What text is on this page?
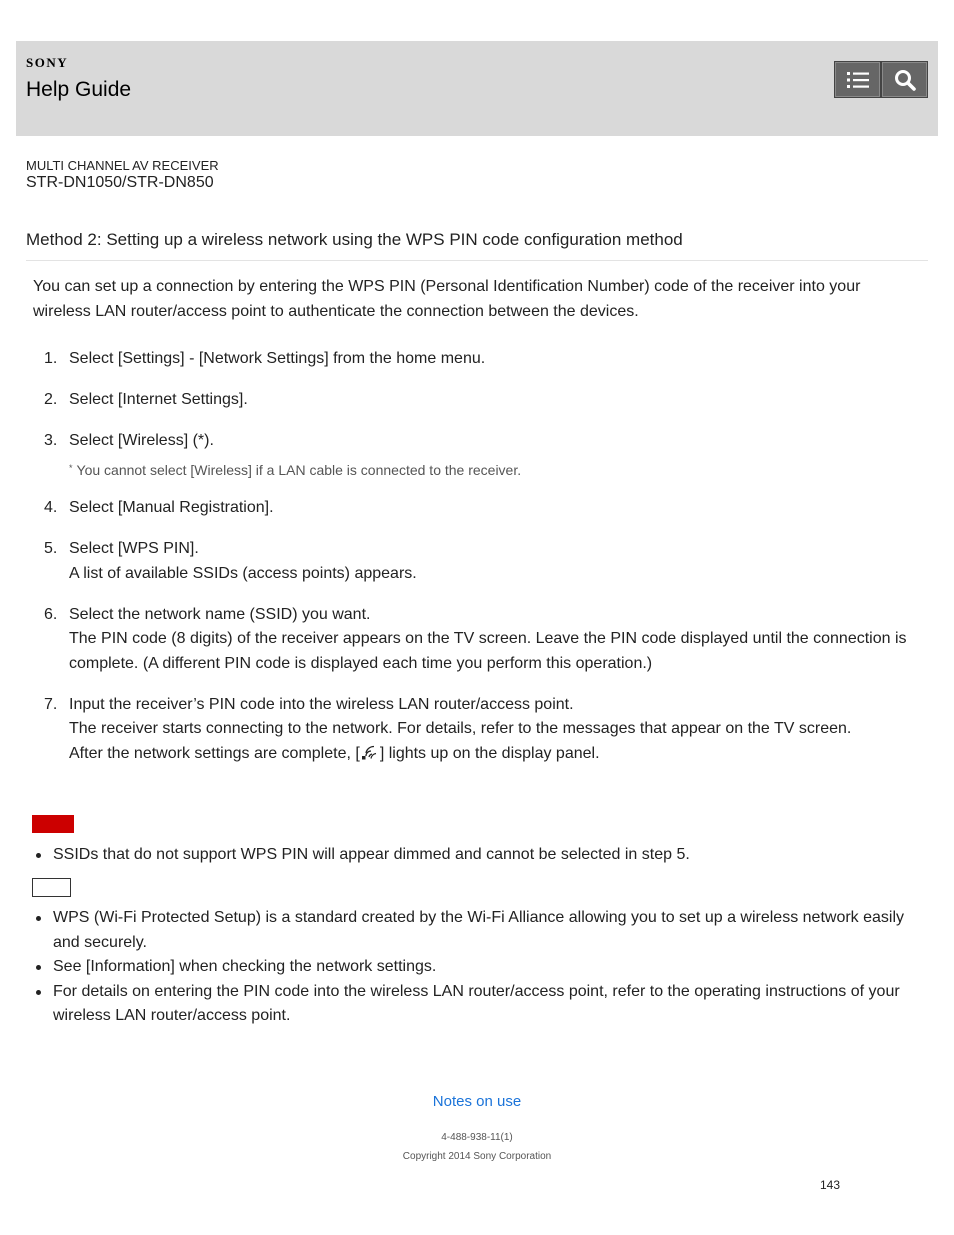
SONY
Help Guide
MULTI CHANNEL AV RECEIVER
STR-DN1050/STR-DN850
Method 2: Setting up a wireless network using the WPS PIN code configuration method
You can set up a connection by entering the WPS PIN (Personal Identification Number) code of the receiver into your wireless LAN router/access point to authenticate the connection between the devices.
1. Select [Settings] - [Network Settings] from the home menu.
2. Select [Internet Settings].
3. Select [Wireless] (*).
* You cannot select [Wireless] if a LAN cable is connected to the receiver.
4. Select [Manual Registration].
5. Select [WPS PIN].
A list of available SSIDs (access points) appears.
6. Select the network name (SSID) you want.
The PIN code (8 digits) of the receiver appears on the TV screen. Leave the PIN code displayed until the connection is complete. (A different PIN code is displayed each time you perform this operation.)
7. Input the receiver’s PIN code into the wireless LAN router/access point.
The receiver starts connecting to the network. For details, refer to the messages that appear on the TV screen.
After the network settings are complete, [ ] lights up on the display panel.
SSIDs that do not support WPS PIN will appear dimmed and cannot be selected in step 5.
WPS (Wi-Fi Protected Setup) is a standard created by the Wi-Fi Alliance allowing you to set up a wireless network easily and securely.
See [Information] when checking the network settings.
For details on entering the PIN code into the wireless LAN router/access point, refer to the operating instructions of your wireless LAN router/access point.
Notes on use
4-488-938-11(1)
Copyright 2014 Sony Corporation
143
